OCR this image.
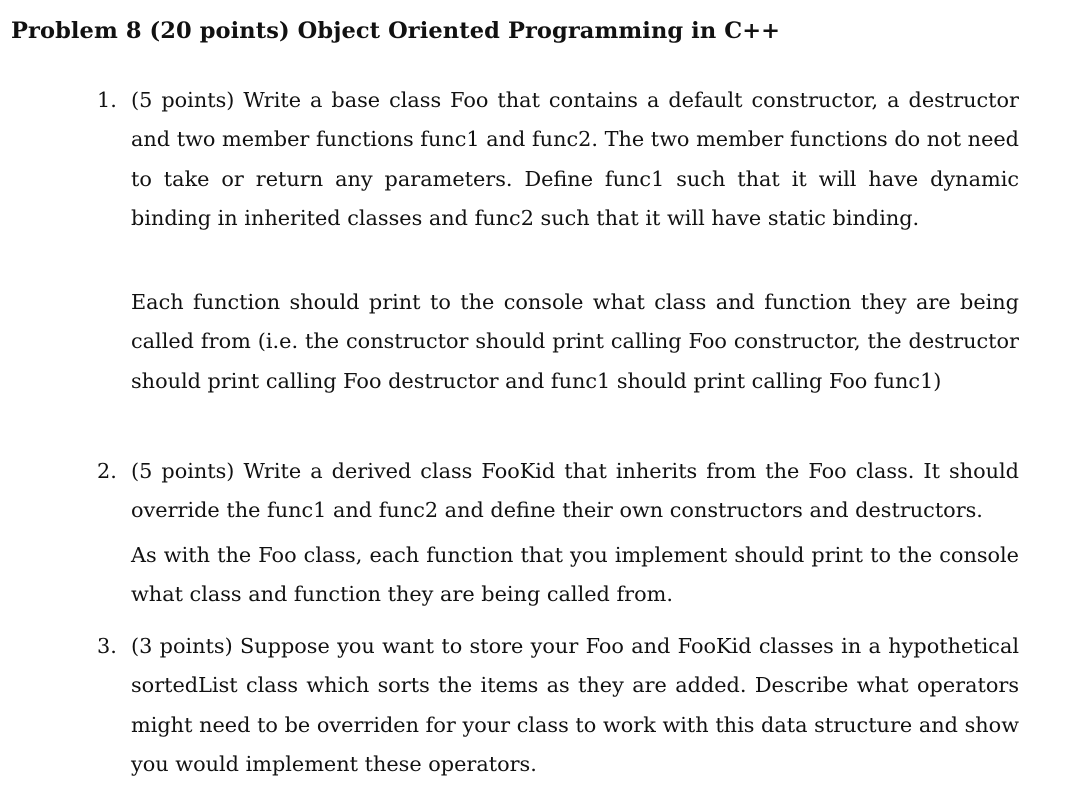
Problem 8 (20 points) Object Oriented Programming in C++
1. (5 points) Write a base class Foo that contains a default constructor, a destructor and two member functions func1 and func2. The two member functions do not need to take or return any parameters. Define func1 such that it will have dynamic binding in inherited classes and func2 such that it will have static binding.

Each function should print to the console what class and function they are being called from (i.e. the constructor should print calling Foo constructor, the destructor should print calling Foo destructor and func1 should print calling Foo func1)

2. (5 points) Write a derived class FooKid that inherits from the Foo class. It should override the func1 and func2 and define their own constructors and destructors.

As with the Foo class, each function that you implement should print to the console what class and function they are being called from.

3. (3 points) Suppose you want to store your Foo and FooKid classes in a hypothetical sortedList class which sorts the items as they are added. Describe what operators might need to be overriden for your class to work with this data structure and show you would implement these operators.
